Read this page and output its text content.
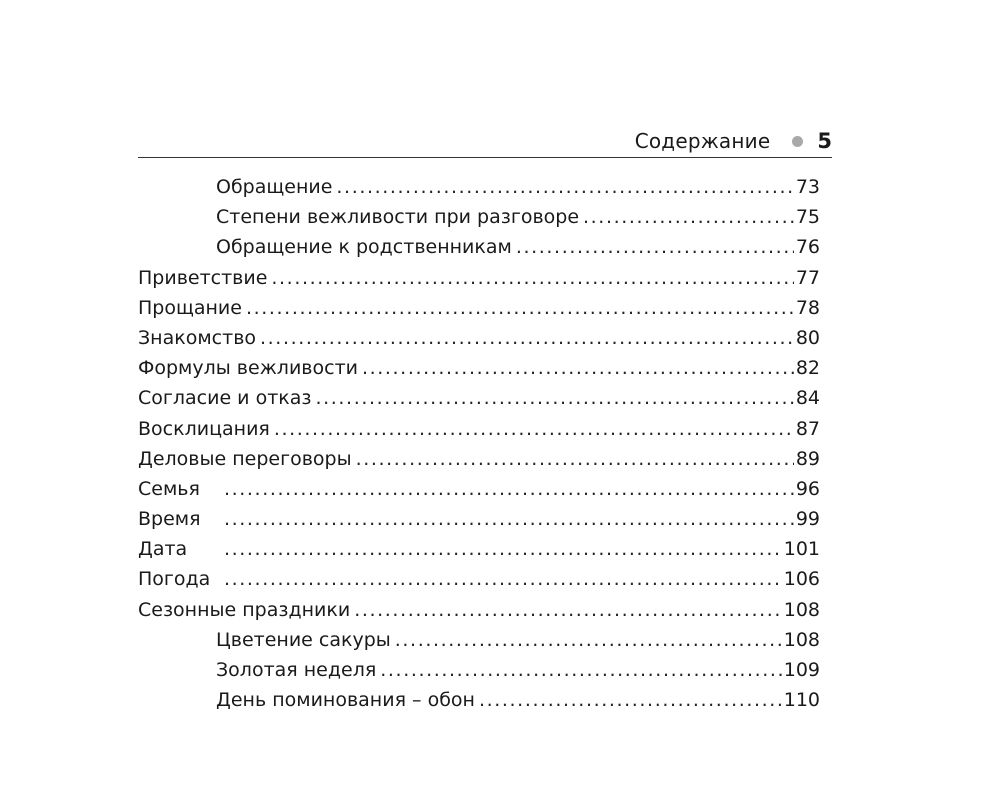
Содержание 5
Обращение .....	73
Степени вежливости при разговоре .....	75
Обращение к родственникам .....	76
Приветствие .....	77
Прощание .....	78
Знакомство .....	80
Формулы вежливости .....	82
Согласие и отказ .....	84
Восклицания .....	87
Деловые переговоры .....	89
Семья .....	96
Время .....	99
Дата .....	101
Погода .....	106
Сезонные праздники .....	108
Цветение сакуры .....	108
Золотая неделя .....	109
День поминования – обон .....	110
